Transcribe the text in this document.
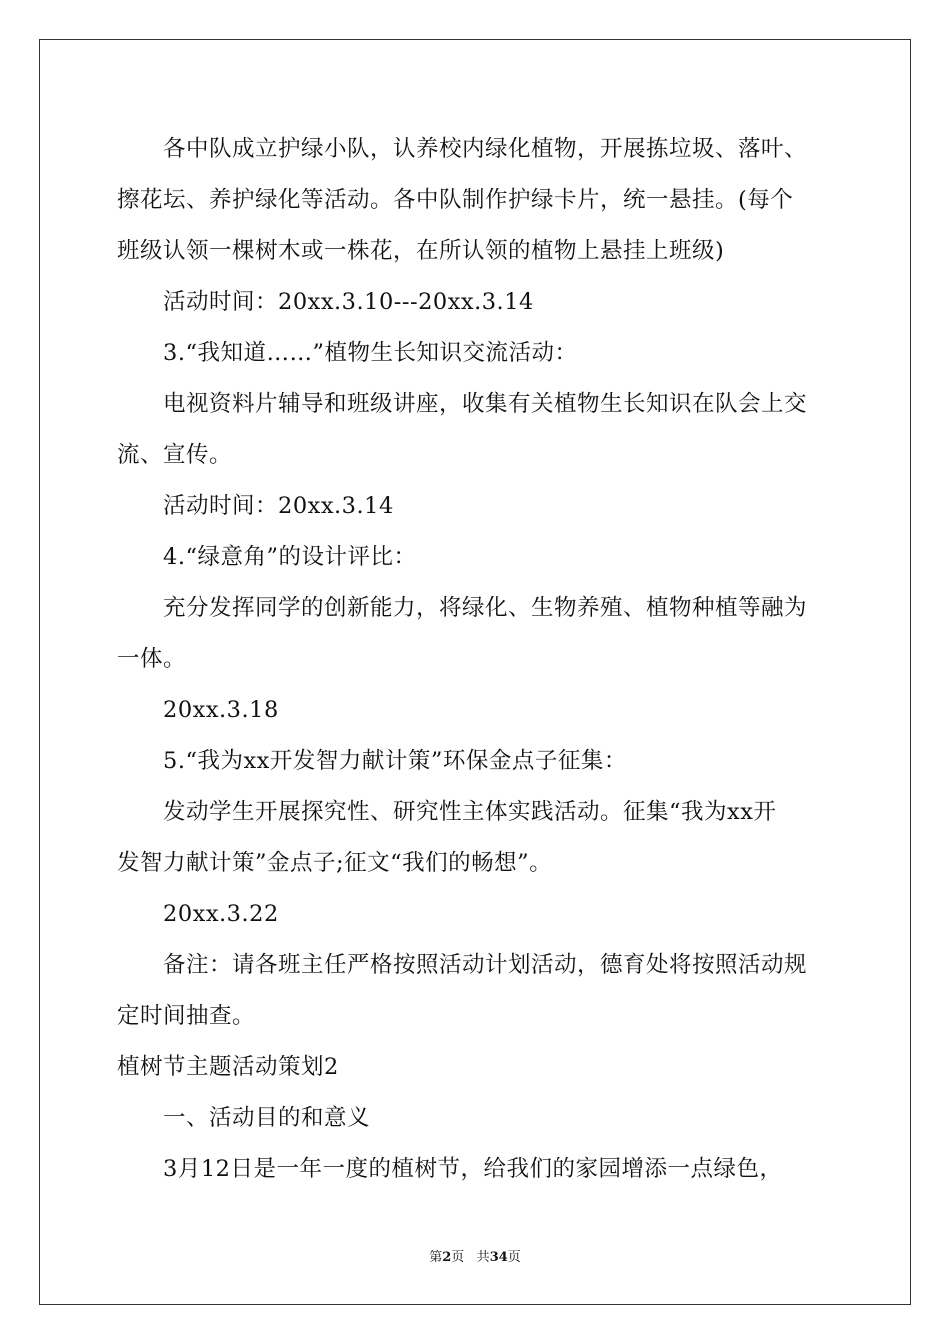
各中队成立护绿小队，认养校内绿化植物，开展拣垃圾、落叶、

擦花坛、养护绿化等活动。各中队制作护绿卡片，统一悬挂。(每个

班级认领一棵树木或一株花，在所认领的植物上悬挂上班级)

活动时间：20xx.3.10---20xx.3.14

3.“我知道……”植物生长知识交流活动：

电视资料片辅导和班级讲座，收集有关植物生长知识在队会上交

流、宣传。

活动时间：20xx.3.14

4.“绿意角”的设计评比：

充分发挥同学的创新能力，将绿化、生物养殖、植物种植等融为

一体。

20xx.3.18

5.“我为xx开发智力献计策”环保金点子征集：

发动学生开展探究性、研究性主体实践活动。征集“我为xx开

发智力献计策”金点子;征文“我们的畅想”。

20xx.3.22

备注：请各班主任严格按照活动计划活动，德育处将按照活动规

定时间抽查。

植树节主题活动策划2

一、活动目的和意义

3月12日是一年一度的植树节，给我们的家园增添一点绿色，

第2页 共34页
